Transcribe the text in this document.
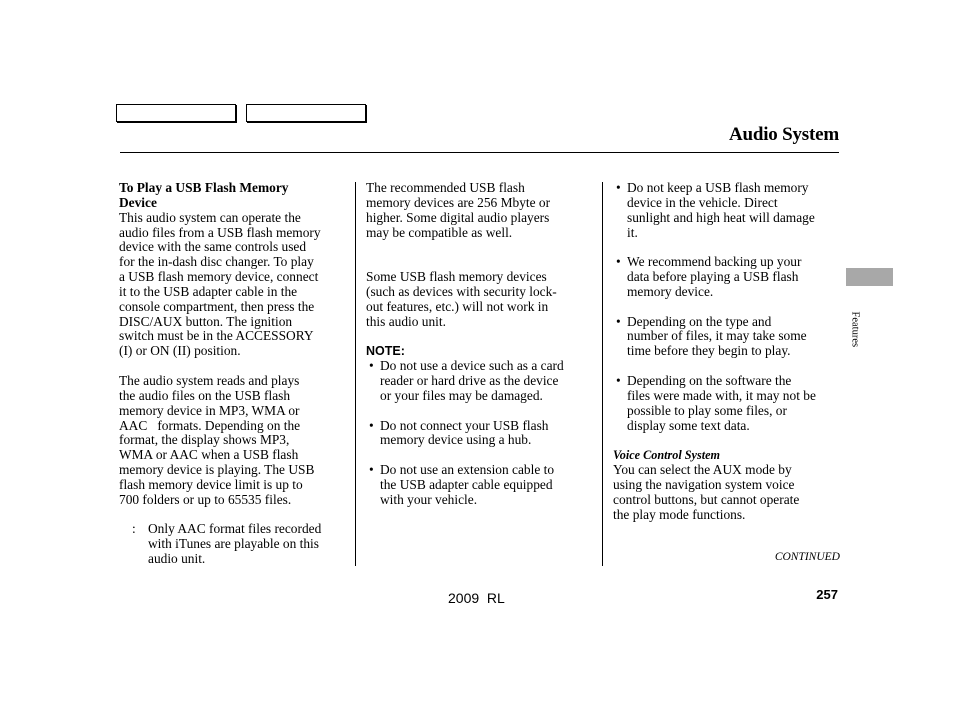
Audio System
Features

To Play a USB Flash Memory

Device

This audio system can operate the

audio files from a USB flash memory

device with the same controls used

for the in-dash disc changer. To play

a USB flash memory device, connect

it to the USB adapter cable in the

console compartment, then press the

DISC/AUX button. The ignition

switch must be in the ACCESSORY

(I) or ON (II) position.

The audio system reads and plays

the audio files on the USB flash

memory device in MP3, WMA or

AAC   formats. Depending on the

format, the display shows MP3,

WMA or AAC when a USB flash

memory device is playing. The USB

flash memory device limit is up to

700 folders or up to 65535 files.

: Only AAC format files recorded

with iTunes are playable on this

audio unit.

The recommended USB flash

memory devices are 256 Mbyte or

higher. Some digital audio players

may be compatible as well.

Some USB flash memory devices

(such as devices with security lock-

out features, etc.) will not work in

this audio unit.

NOTE:

• Do not use a device such as a card

reader or hard drive as the device

or your files may be damaged.

• Do not connect your USB flash

memory device using a hub.

• Do not use an extension cable to

the USB adapter cable equipped

with your vehicle.

• Do not keep a USB flash memory

device in the vehicle. Direct

sunlight and high heat will damage

it.

• We recommend backing up your

data before playing a USB flash

memory device.

• Depending on the type and

number of files, it may take some

time before they begin to play.

• Depending on the software the

files were made with, it may not be

possible to play some files, or

display some text data.

Voice Control System

You can select the AUX mode by

using the navigation system voice

control buttons, but cannot operate

the play mode functions.

CONTINUED
257
2009  RL
